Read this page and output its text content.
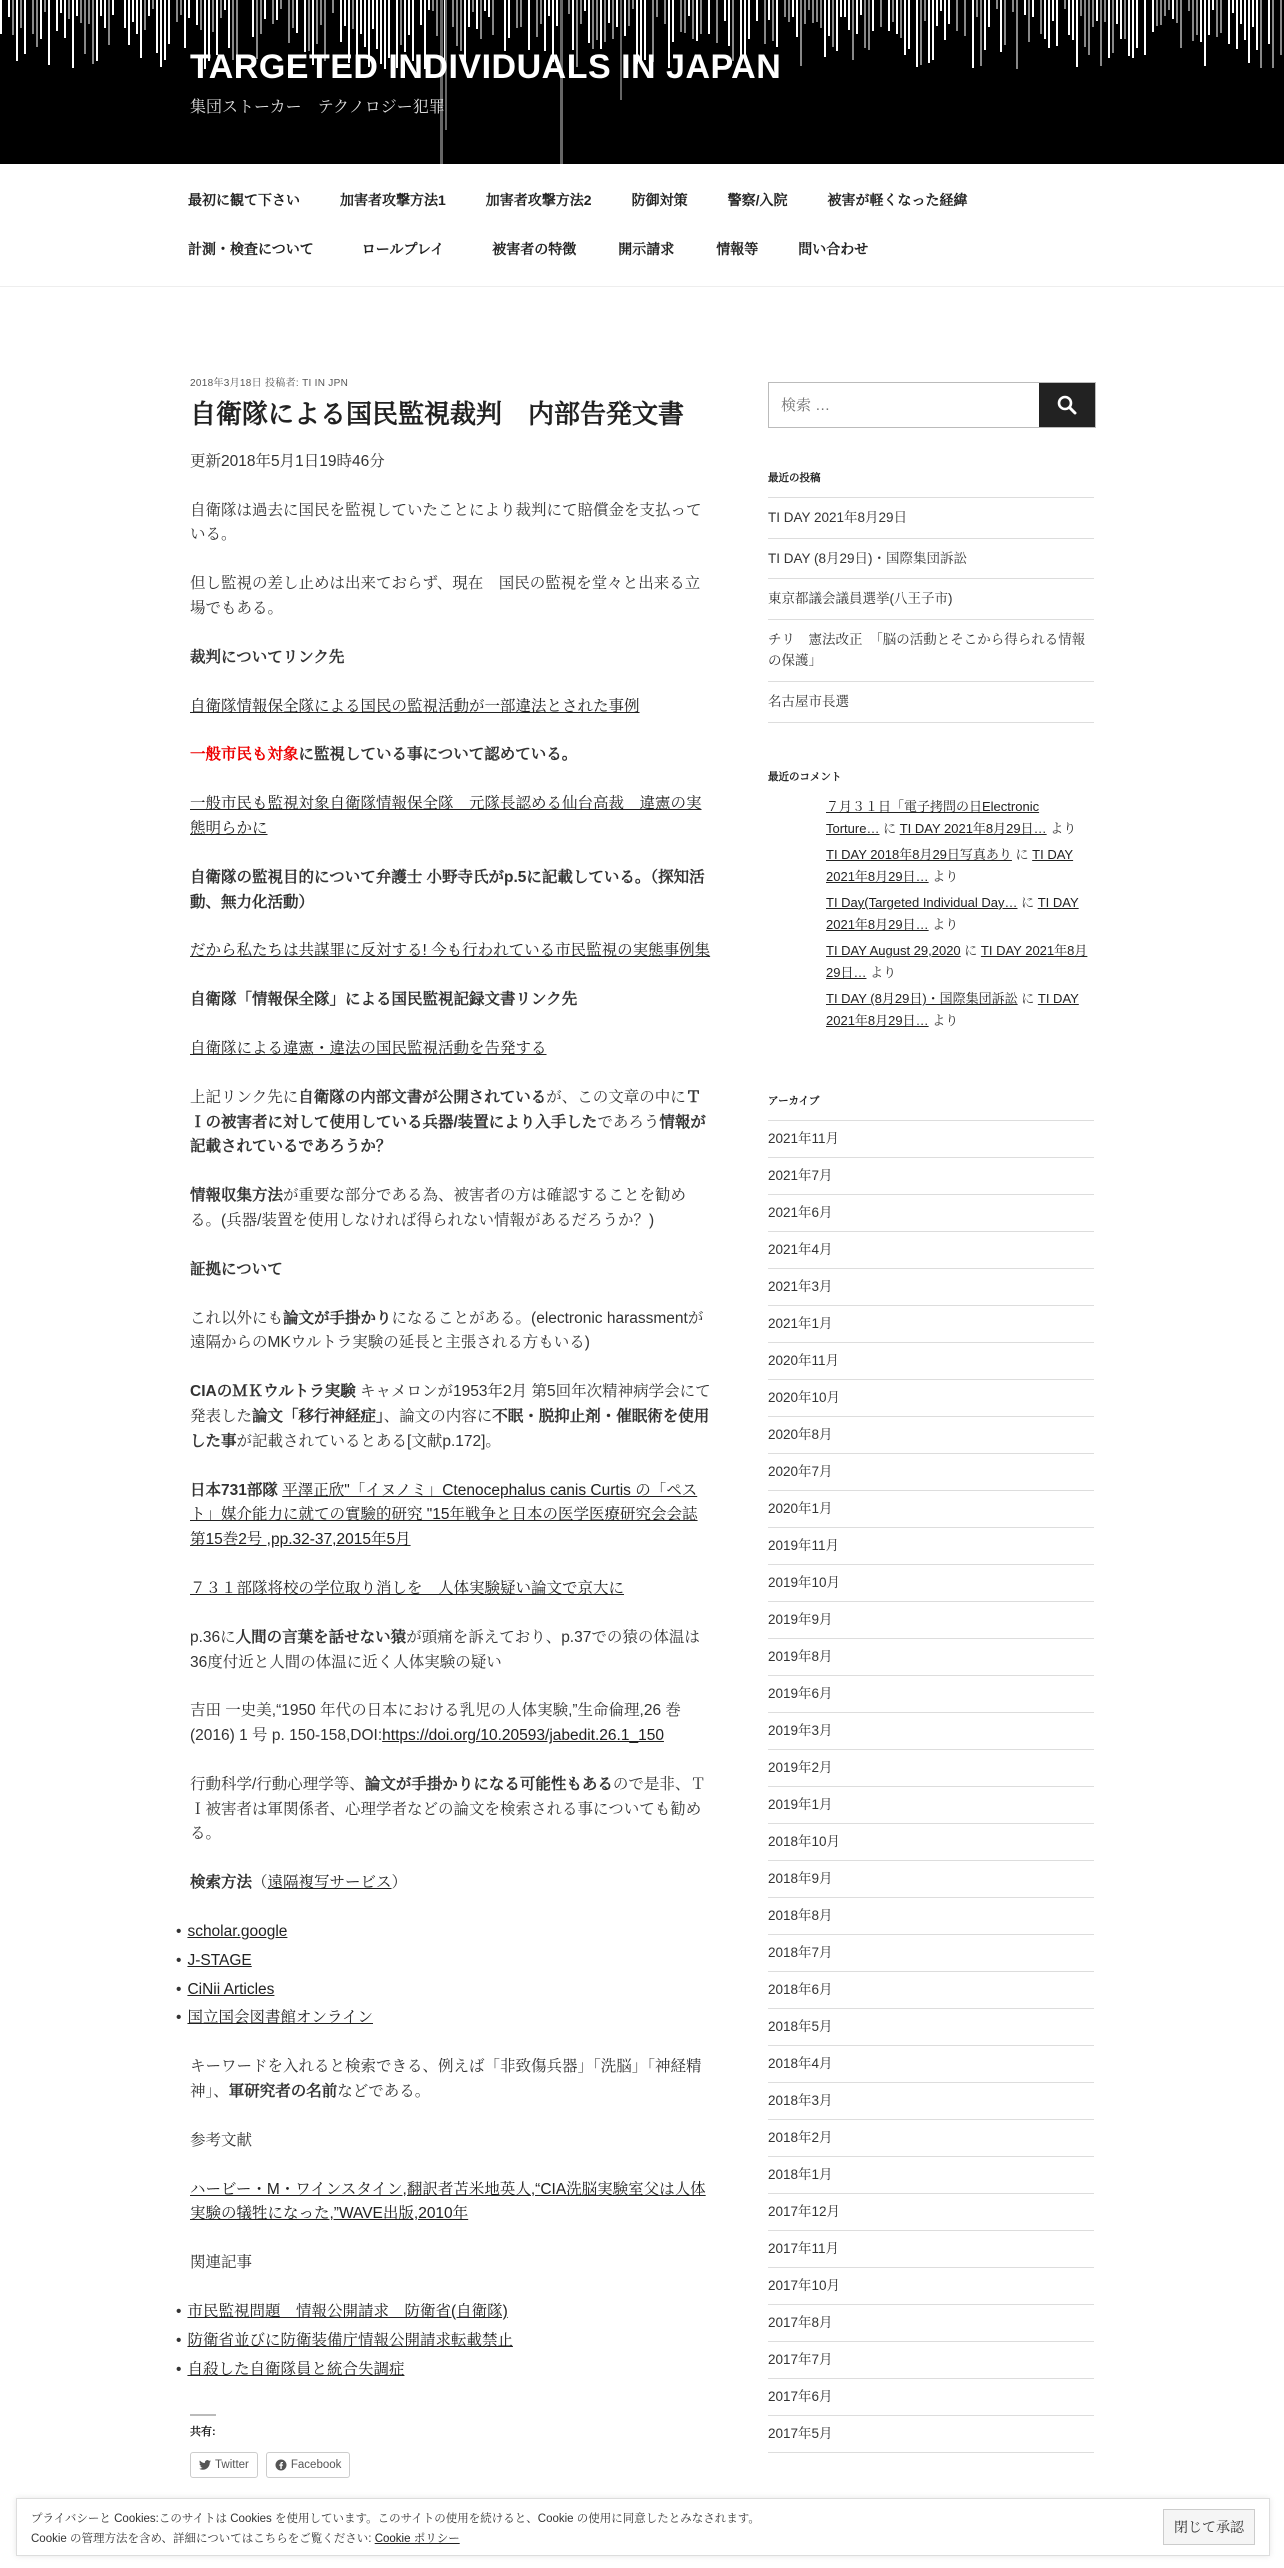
TARGETED INDIVIDUALS IN JAPAN

集団ストーカー　テクノロジー犯罪

最初に観て下さい	加害者攻撃方法1	加害者攻撃方法2	防御対策	警察/入院	被害が軽くなった経緯
計測・検査について	ロールプレイ	被害者の特徴	開示請求	情報等	問い合わせ
2018年3月18日 投稿者: TI IN JPN
自衛隊による国民監視裁判　内部告発文書

更新2018年5月1日19時46分

自衛隊は過去に国民を監視していたことにより裁判にて賠償金を支払っている。

但し監視の差し止めは出来ておらず、現在　国民の監視を堂々と出来る立場でもある。

裁判についてリンク先

自衛隊情報保全隊による国民の監視活動が一部違法とされた事例

一般市民も対象に監視している事について認めている。

一般市民も監視対象自衛隊情報保全隊　元隊長認める仙台高裁　違憲の実態明らかに

自衛隊の監視目的について弁護士 小野寺氏がp.5に記載している。（探知活動、無力化活動）

だから私たちは共謀罪に反対する! 今も行われている市民監視の実態事例集

自衛隊「情報保全隊」による国民監視記録文書リンク先

自衛隊による違憲・違法の国民監視活動を告発する

上記リンク先に自衛隊の内部文書が公開されているが、この文章の中にＴＩの被害者に対して使用している兵器/装置により入手したであろう情報が記載されているであろうか？

情報収集方法が重要な部分である為、被害者の方は確認することを勧める。(兵器/装置を使用しなければ得られない情報があるだろうか？)

証拠について

これ以外にも論文が手掛かりになることがある。(electronic harassmentが遠隔からのMKウルトラ実験の延長と主張される方もいる)

CIAのＭＫウルトラ実験 キャメロンが1953年2月 第5回年次精神病学会にて発表した論文「移行神経症」、論文の内容に不眠・脱抑止剤・催眠術を使用した事が記載されているとある[文献p.172]。

日本731部隊 平澤正欣"「イヌノミ」Ctenocephalus canis Curtis の「ペスト」媒介能力に就ての實驗的研究 "15年戦争と日本の医学医療研究会会誌 第15巻2号 ,pp.32-37,2015年5月

７３１部隊将校の学位取り消しを　人体実験疑い論文で京大に

p.36に人間の言葉を話せない猿が頭痛を訴えており、p.37での猿の体温は36度付近と人間の体温に近く人体実験の疑い

吉田 一史美,“1950 年代の日本における乳児の人体実験,”生命倫理,26 巻 (2016) 1 号 p. 150-158,DOI:https://doi.org/10.20593/jabedit.26.1_150

行動科学/行動心理学等、論文が手掛かりになる可能性もあるので是非、ＴＩ被害者は軍関係者、心理学者などの論文を検索される事についても勧める。

検索方法（遠隔複写サービス）

• scholar.google
• J-STAGE
• CiNii Articles
• 国立国会図書館オンライン

キーワードを入れると検索できる、例えば「非致傷兵器」「洗脳」「神経精神」、軍研究者の名前などである。

参考文献

ハービー・M・ワインスタイン,翻訳者苫米地英人,“CIA洗脳実験室父は人体実験の犠牲になった,”WAVE出版,2010年

関連記事

• 市民監視問題　情報公開請求　防衛省(自衛隊)
• 防衛省並びに防衛装備庁情報公開請求転載禁止
• 自殺した自衛隊員と統合失調症
共有:
Twitter	Facebook
検索 …
最近の投稿
TI DAY 2021年8月29日
TI DAY (8月29日)・国際集団訴訟
東京都議会議員選挙(八王子市)
チリ　憲法改正　「脳の活動とそこから得られる情報の保護」
名古屋市長選
最近のコメント
７月３１日「電子拷問の日Electronic Torture… に TI DAY 2021年8月29日… より
TI DAY 2018年8月29日写真あり に TI DAY 2021年8月29日… より
TI Day(Targeted Individual Day… に TI DAY 2021年8月29日… より
TI DAY August 29,2020 に TI DAY 2021年8月29日… より
TI DAY (8月29日)・国際集団訴訟 に TI DAY 2021年8月29日… より
アーカイブ
2021年11月
2021年7月
2021年6月
2021年4月
2021年3月
2021年1月
2020年11月
2020年10月
2020年8月
2020年7月
2020年1月
2019年11月
2019年10月
2019年9月
2019年8月
2019年6月
2019年3月
2019年2月
2019年1月
2018年10月
2018年9月
2018年8月
2018年7月
2018年6月
2018年5月
2018年4月
2018年3月
2018年2月
2018年1月
2017年12月
2017年11月
2017年10月
2017年8月
2017年7月
2017年6月
2017年5月
プライバシーと Cookies:このサイトは Cookies を使用しています。このサイトの使用を続けると、Cookie の使用に同意したとみなされます。
Cookie の管理方法を含め、詳細についてはこちらをご覧ください: Cookie ポリシー
閉じて承認
